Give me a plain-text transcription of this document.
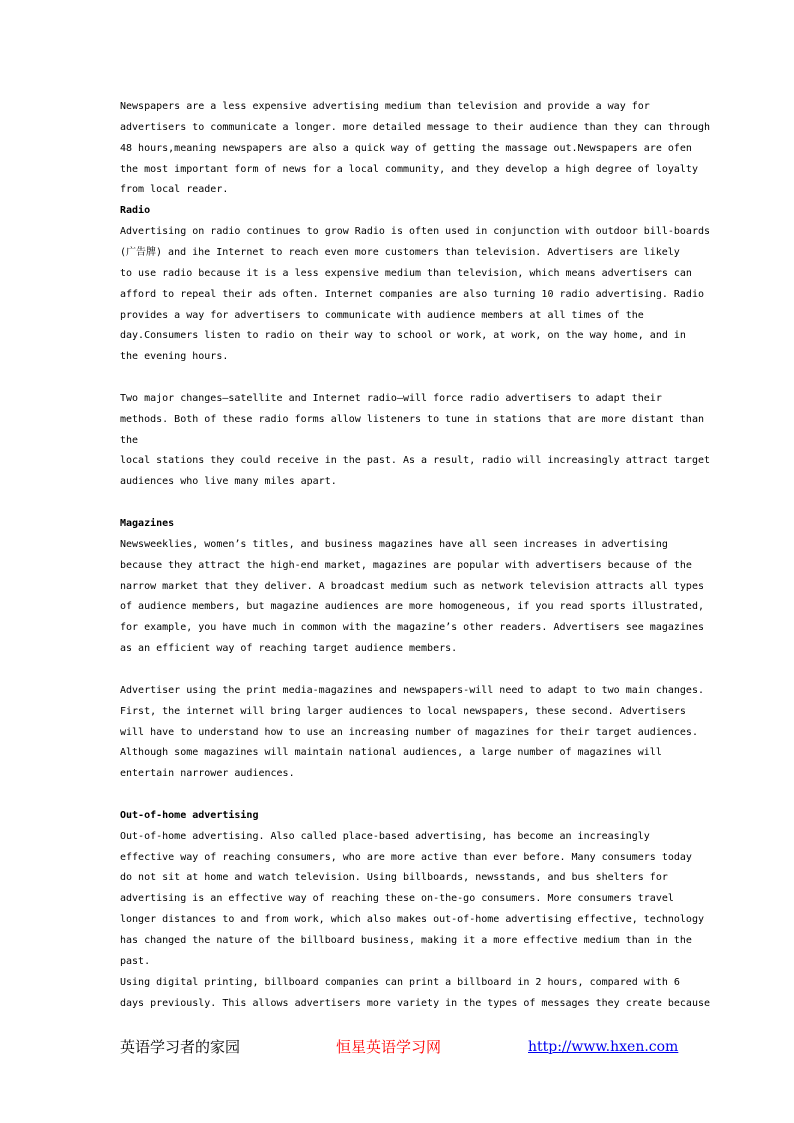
Newspapers are a less expensive advertising medium than television and provide a way for

advertisers to communicate a longer. more detailed message to their audience than they can through

48 hours,meaning newspapers are also a quick way of getting the massage out.Newspapers are ofen

the most important form of news for a local community, and they develop a high degree of loyalty

from local reader.

Radio

Advertising on radio continues to grow Radio is often used in conjunction with outdoor bill-boards

(广告牌) and ihe Internet to reach even more customers than television. Advertisers are likely

to use radio because it is a less expensive medium than television, which means advertisers can

afford to repeal their ads often. Internet companies are also turning 10 radio advertising. Radio

provides a way for advertisers to communicate with audience members at all times of the

day.Consumers listen to radio on their way to school or work, at work, on the way home, and in

the evening hours.

Two major changes—satellite and Internet radio—will force radio advertisers to adapt their

methods. Both of these radio forms allow listeners to tune in stations that are more distant than

the

local stations they could receive in the past. As a result, radio will increasingly attract target

audiences who live many miles apart.

Magazines

Newsweeklies, women’s titles, and business magazines have all seen increases in advertising

because they attract the high-end market, magazines are popular with advertisers because of the

narrow market that they deliver. A broadcast medium such as network television attracts all types

of audience members, but magazine audiences are more homogeneous, if you read sports illustrated,

for example, you have much in common with the magazine’s other readers. Advertisers see magazines

as an efficient way of reaching target audience members.

Advertiser using the print media-magazines and newspapers-will need to adapt to two main changes.

First, the internet will bring larger audiences to local newspapers, these second. Advertisers

will have to understand how to use an increasing number of magazines for their target audiences.

Although some magazines will maintain national audiences, a large number of magazines will

entertain narrower audiences.

Out-of-home advertising

Out-of-home advertising. Also called place-based advertising, has become an increasingly

effective way of reaching consumers, who are more active than ever before. Many consumers today

do not sit at home and watch television. Using billboards, newsstands, and bus shelters for

advertising is an effective way of reaching these on-the-go consumers. More consumers travel

longer distances to and from work, which also makes out-of-home advertising effective, technology

has changed the nature of the billboard business, making it a more effective medium than in the

past.

Using digital printing, billboard companies can print a billboard in 2 hours, compared with 6

days previously. This allows advertisers more variety in the types of messages they create because

英语学习者的家园	恒星英语学习网	http://www.hxen.com
